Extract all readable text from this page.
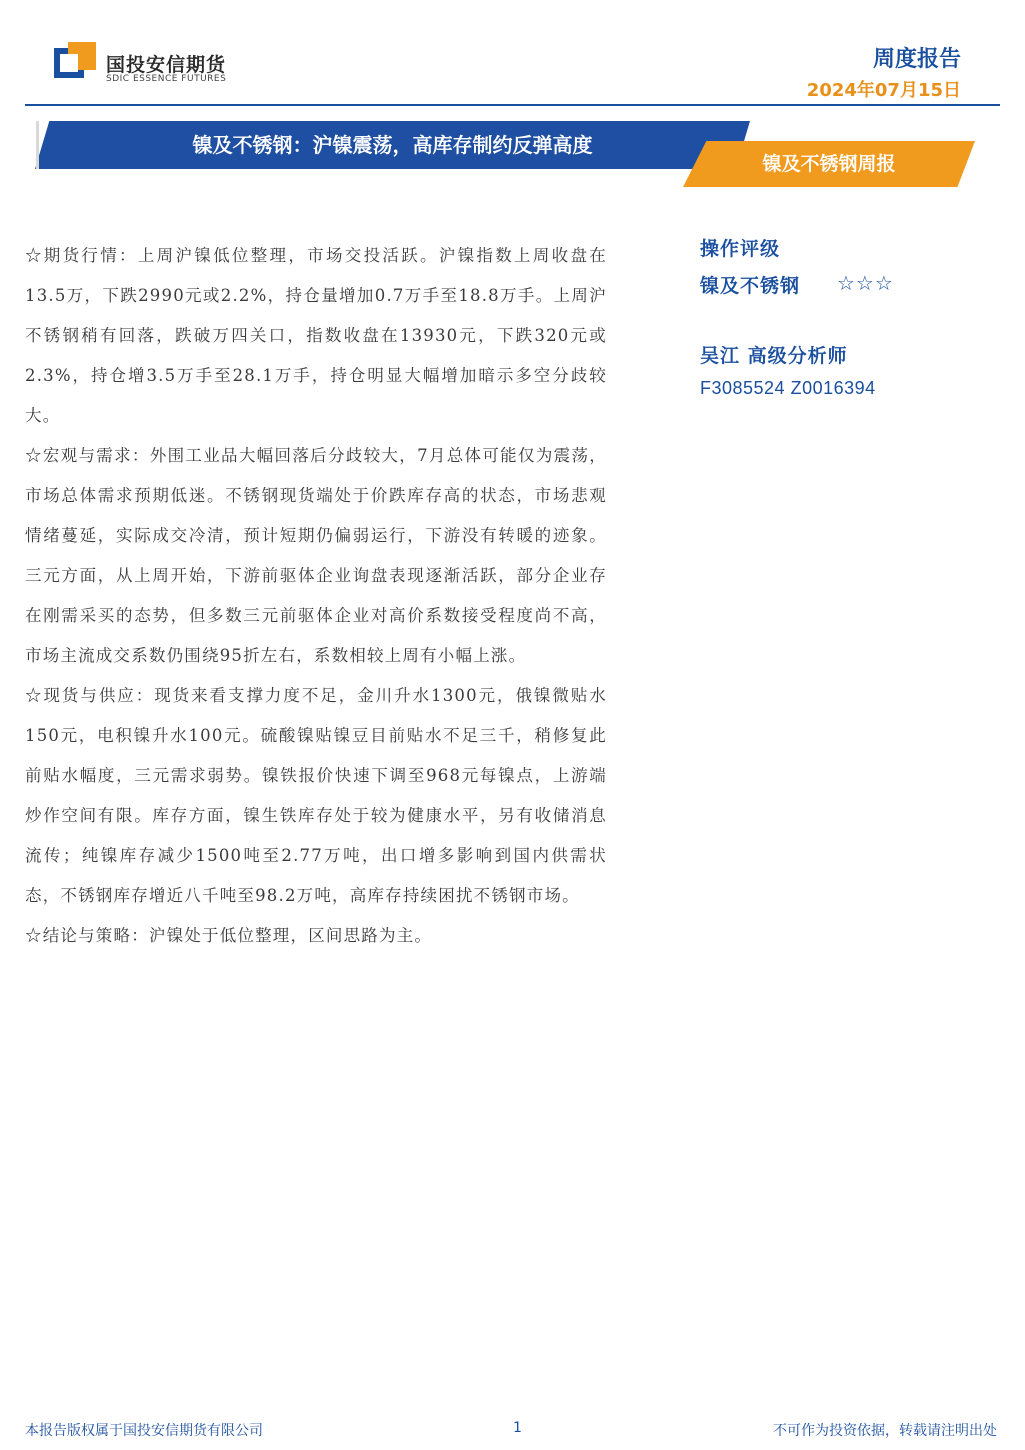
国投安信期货
SDIC ESSENCE FUTURES
周度报告
2024年07月15日
镍及不锈钢：沪镍震荡，高库存制约反弹高度
镍及不锈钢周报

☆期货行情：上周沪镍低位整理，市场交投活跃。沪镍指数上周收盘在13.5万，下跌2990元或2.2%，持仓量增加0.7万手至18.8万手。上周沪不锈钢稍有回落，跌破万四关口，指数收盘在13930元，下跌320元或2.3%，持仓增3.5万手至28.1万手，持仓明显大幅增加暗示多空分歧较大。

☆宏观与需求：外围工业品大幅回落后分歧较大，7月总体可能仅为震荡，市场总体需求预期低迷。不锈钢现货端处于价跌库存高的状态，市场悲观情绪蔓延，实际成交冷清，预计短期仍偏弱运行，下游没有转暖的迹象。三元方面，从上周开始，下游前驱体企业询盘表现逐渐活跃，部分企业存在刚需采买的态势，但多数三元前驱体企业对高价系数接受程度尚不高，市场主流成交系数仍围绕95折左右，系数相较上周有小幅上涨。

☆现货与供应：现货来看支撑力度不足，金川升水1300元，俄镍微贴水150元，电积镍升水100元。硫酸镍贴镍豆目前贴水不足三千，稍修复此前贴水幅度，三元需求弱势。镍铁报价快速下调至968元每镍点，上游端炒作空间有限。库存方面，镍生铁库存处于较为健康水平，另有收储消息流传；纯镍库存减少1500吨至2.77万吨，出口增多影响到国内供需状态，不锈钢库存增近八千吨至98.2万吨，高库存持续困扰不锈钢市场。

☆结论与策略：沪镍处于低位整理，区间思路为主。

操作评级
镍及不锈钢 ☆☆☆
吴江 高级分析师
F3085524 Z0016394
本报告版权属于国投安信期货有限公司	1	不可作为投资依据，转载请注明出处
